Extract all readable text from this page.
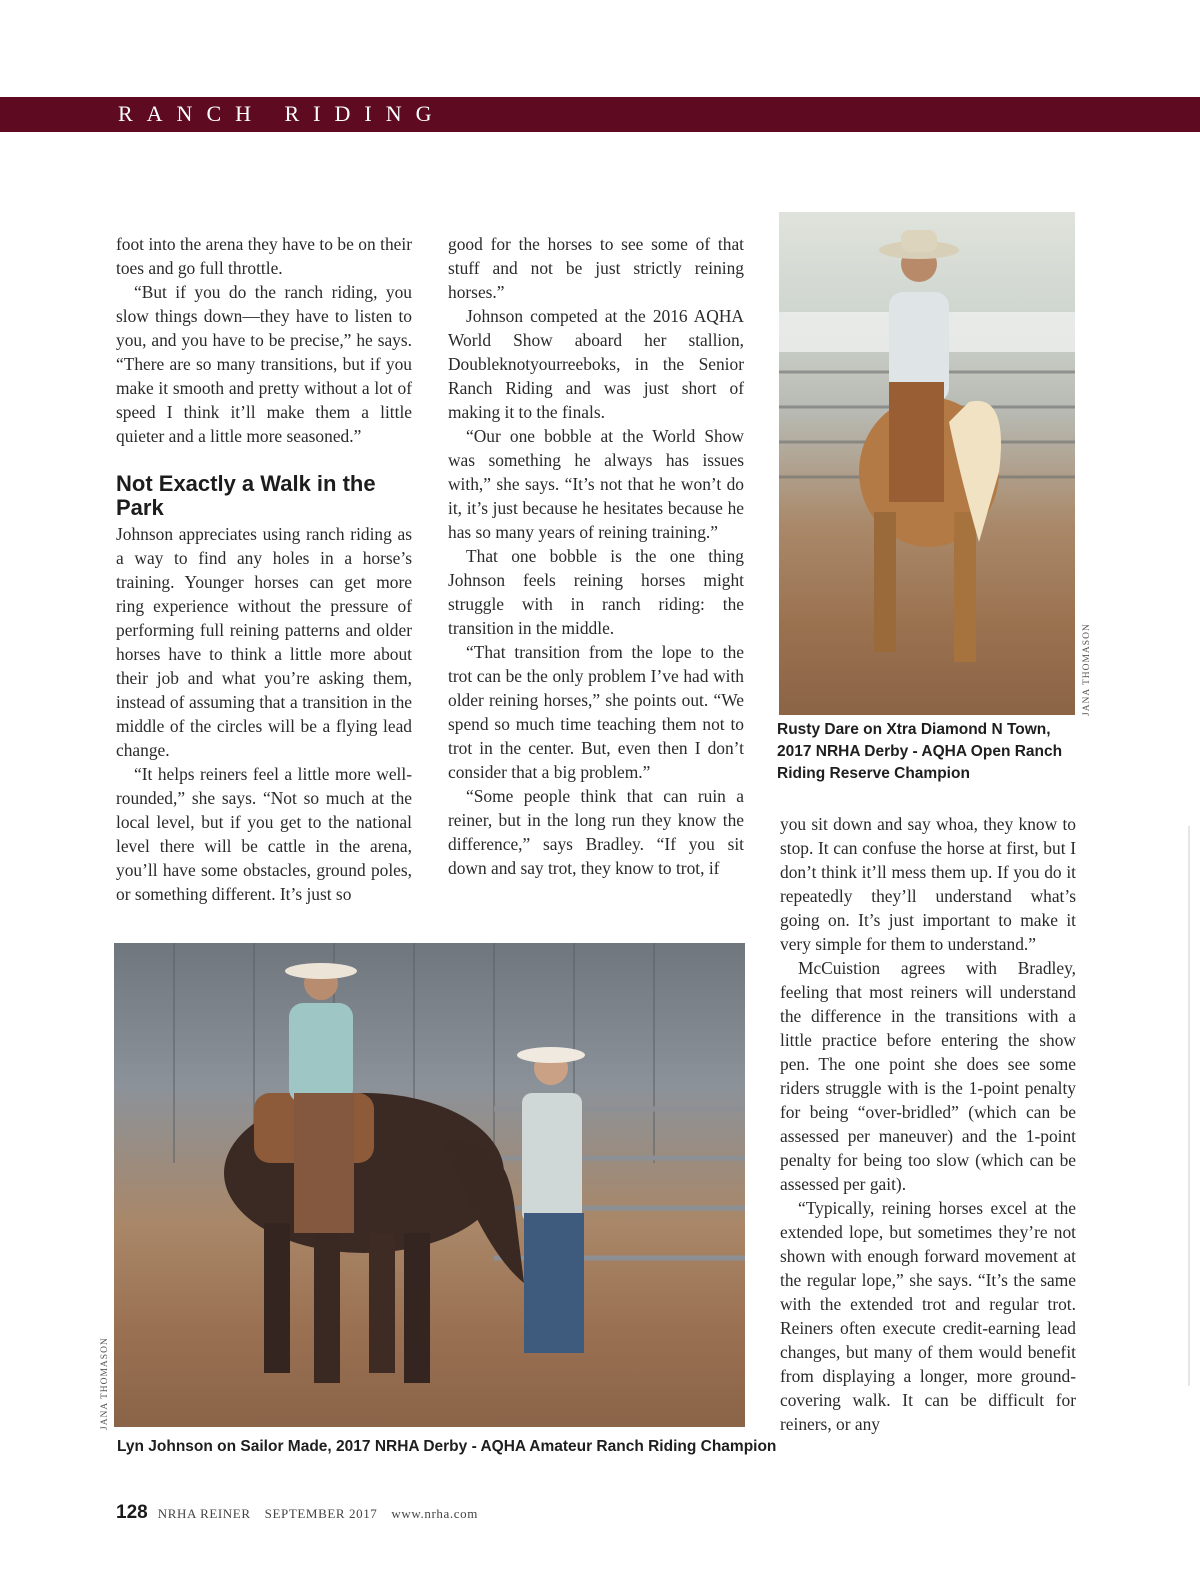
RANCH RIDING

foot into the arena they have to be on their toes and go full throttle.

“But if you do the ranch riding, you slow things down—they have to listen to you, and you have to be precise,” he says. “There are so many transitions, but if you make it smooth and pretty without a lot of speed I think it’ll make them a little quieter and a little more seasoned.”

Not Exactly a Walk in the Park

Johnson appreciates using ranch riding as a way to find any holes in a horse’s training. Younger horses can get more ring experience without the pressure of performing full reining patterns and older horses have to think a little more about their job and what you’re asking them, instead of assuming that a transition in the middle of the circles will be a flying lead change.

“It helps reiners feel a little more well-rounded,” she says. “Not so much at the local level, but if you get to the national level there will be cattle in the arena, you’ll have some obstacles, ground poles, or something different. It’s just so

good for the horses to see some of that stuff and not be just strictly reining horses.”

Johnson competed at the 2016 AQHA World Show aboard her stallion, Doubleknotyourreeboks, in the Senior Ranch Riding and was just short of making it to the finals.

“Our one bobble at the World Show was something he always has issues with,” she says. “It’s not that he won’t do it, it’s just because he hesitates because he has so many years of reining training.”

That one bobble is the one thing Johnson feels reining horses might struggle with in ranch riding: the transition in the middle.

“That transition from the lope to the trot can be the only problem I’ve had with older reining horses,” she points out. “We spend so much time teaching them not to trot in the center. But, even then I don’t consider that a big problem.”

“Some people think that can ruin a reiner, but in the long run they know the difference,” says Bradley. “If you sit down and say trot, they know to trot, if

JANA THOMASON
Rusty Dare on Xtra Diamond N Town, 2017 NRHA Derby - AQHA Open Ranch Riding Reserve Champion

you sit down and say whoa, they know to stop. It can confuse the horse at first, but I don’t think it’ll mess them up. If you do it repeatedly they’ll understand what’s going on. It’s just important to make it very simple for them to understand.”

McCuistion agrees with Bradley, feeling that most reiners will understand the difference in the transitions with a little practice before entering the show pen. The one point she does see some riders struggle with is the 1-point penalty for being “over-bridled” (which can be assessed per maneuver) and the 1-point penalty for being too slow (which can be assessed per gait).

“Typically, reining horses excel at the extended lope, but sometimes they’re not shown with enough forward movement at the regular lope,” she says. “It’s the same with the extended trot and regular trot. Reiners often execute credit-earning lead changes, but many of them would benefit from displaying a longer, more ground-covering walk. It can be difficult for reiners, or any

JANA THOMASON
Lyn Johnson on Sailor Made, 2017 NRHA Derby - AQHA Amateur Ranch Riding Champion
128 NRHA REINER SEPTEMBER 2017 www.nrha.com
